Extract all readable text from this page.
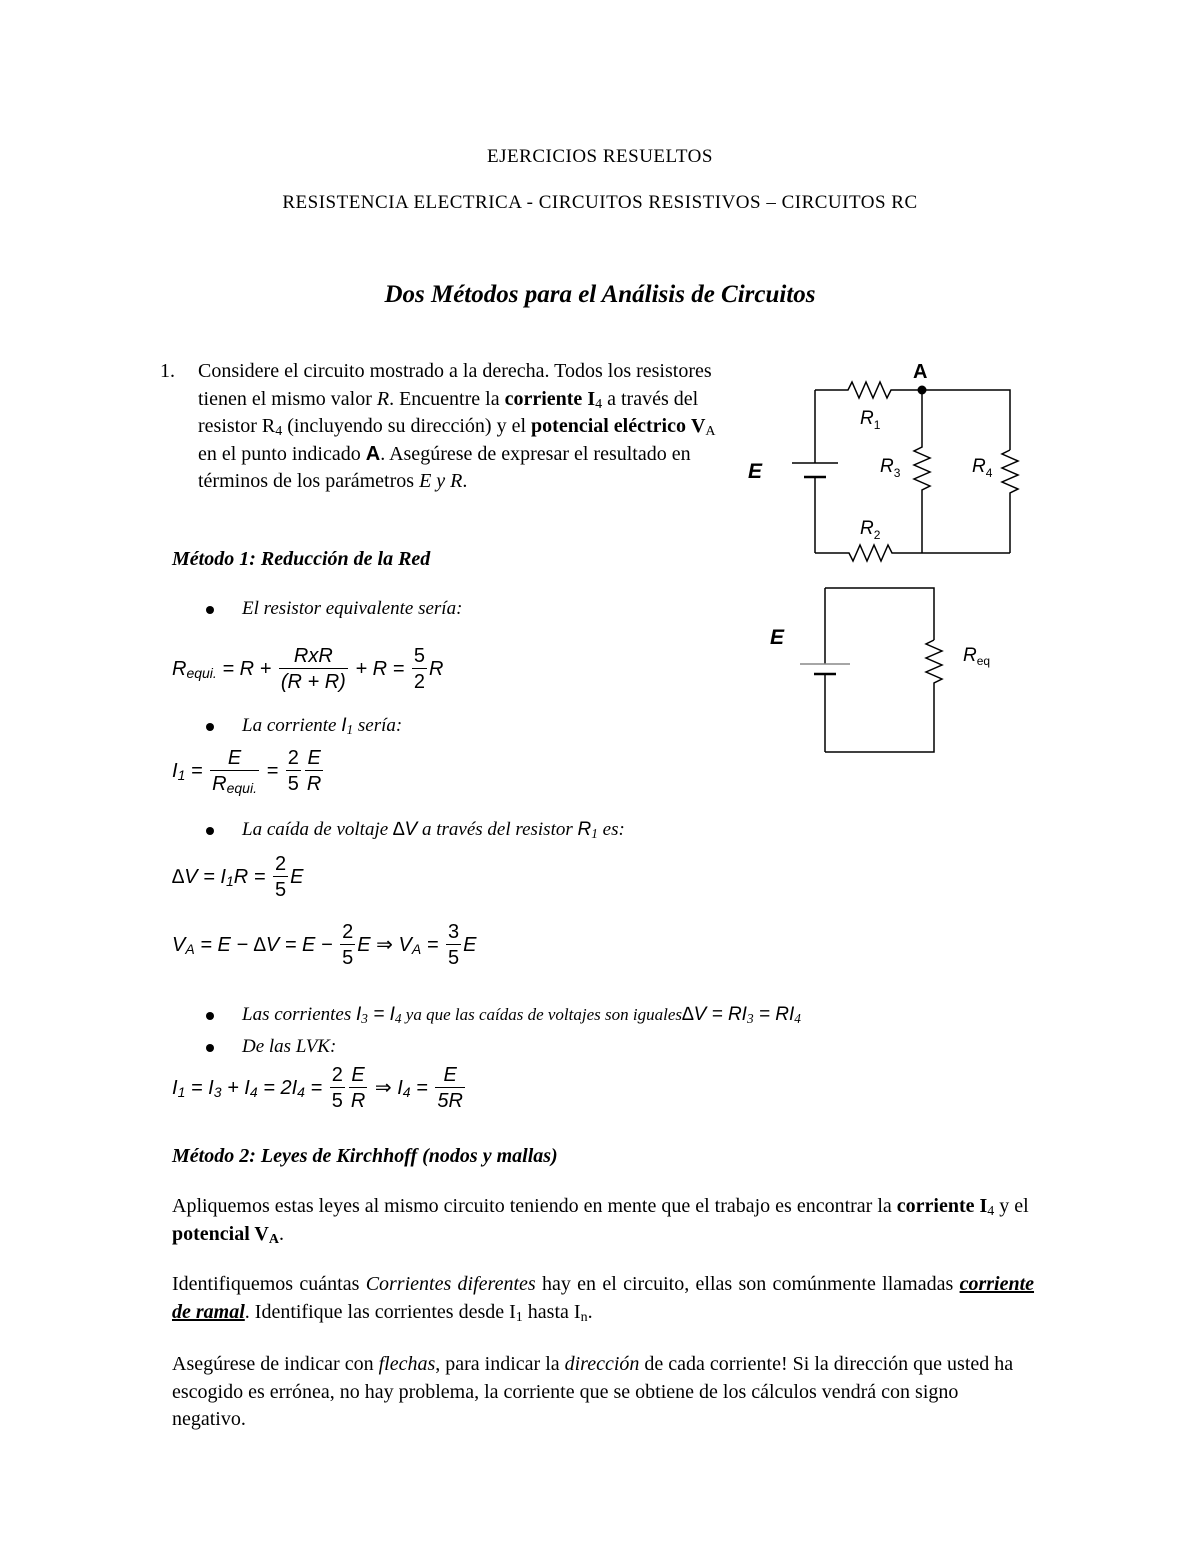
EJERCICIOS RESUELTOS
RESISTENCIA ELECTRICA - CIRCUITOS RESISTIVOS – CIRCUITOS RC
Dos Métodos para el Análisis de Circuitos
1. Considere el circuito mostrado a la derecha. Todos los resistores tienen el mismo valor R. Encuentre la corriente $I_4$ a través del resistor $R_4$ (incluyendo su dirección) y el potencial eléctrico $V_A$ en el punto indicado A. Asegúrese de expresar el resultado en términos de los parámetros E y R.
A
E
$R_1$
$R_3$	$R_4$
$R_2$
E
$R_{eq}$
Método 1: Reducción de la Red
El resistor equivalente sería:
$R_{equi.} = R + \frac{\text{RxR}}{(R + R)} + R = \frac{5}{2}$ R
La corriente $I_1$ sería:
$I_1 = \frac{E}{R_{equi.}} = \frac{2}{5} \frac{E}{R}$
La caída de voltaje ∆V a través del resistor $R_1$ es:
$\Delta V = I_1R = \frac{2}{5}$ E
$V_A = E - \Delta V = E - \frac{2}{5}$ E ⇒ $V_A = \frac{3}{5}$ E
Las corrientes $I_3 = I_4$ ya que las caídas de voltajes son iguales∆V = $RI_3 = RI_4$
De las LVK:
$I_1 = I_3 + I_4 = 2I_4 = \frac{2}{5} \frac{E}{R}$ ⇒ $I_4 = \frac{E}{5R}$
Método 2: Leyes de Kirchhoff (nodos y mallas)
Apliquemos estas leyes al mismo circuito teniendo en mente que el trabajo es encontrar la corriente $I_4$ y el potencial $V_A$.
Identifiquemos cuántas Corrientes diferentes hay en el circuito, ellas son comúnmente llamadas corriente de ramal. Identifique las corrientes desde $I_1$ hasta $I_n$.
Asegúrese de indicar con flechas, para indicar la dirección de cada corriente! Si la dirección que usted ha escogido es errónea, no hay problema, la corriente que se obtiene de los cálculos vendrá con signo negativo.
